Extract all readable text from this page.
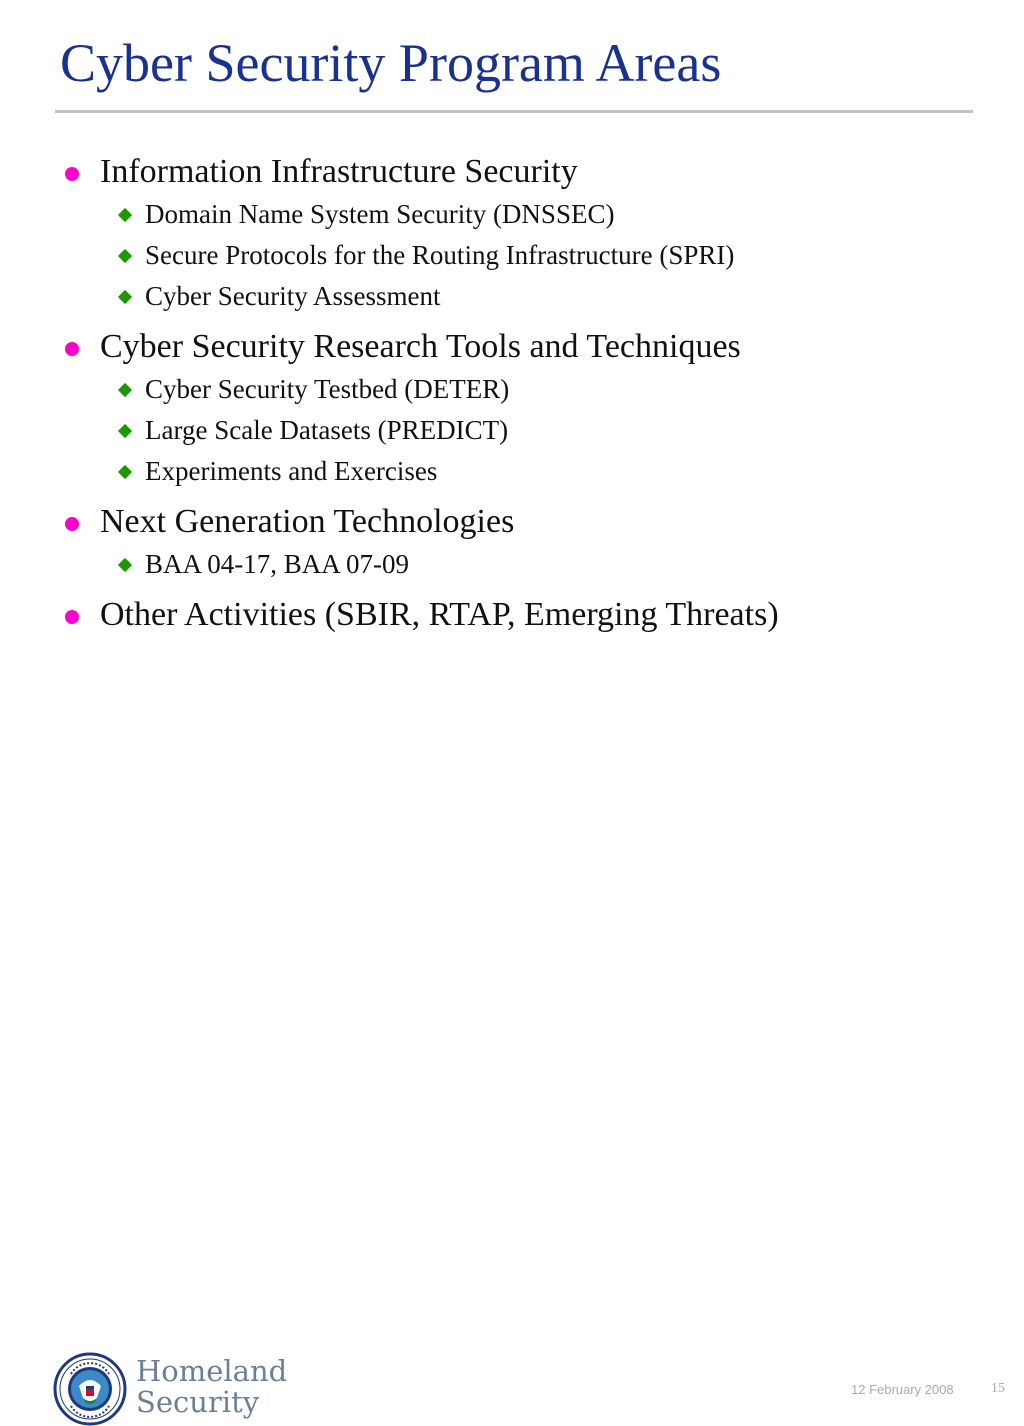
Cyber Security Program Areas
Information Infrastructure Security
Domain Name System Security (DNSSEC)
Secure Protocols for the Routing Infrastructure (SPRI)
Cyber Security Assessment
Cyber Security Research Tools and Techniques
Cyber Security Testbed (DETER)
Large Scale Datasets (PREDICT)
Experiments and Exercises
Next Generation Technologies
BAA 04-17, BAA 07-09
Other Activities (SBIR, RTAP, Emerging Threats)
Homeland
Security	12 February 2008	15
